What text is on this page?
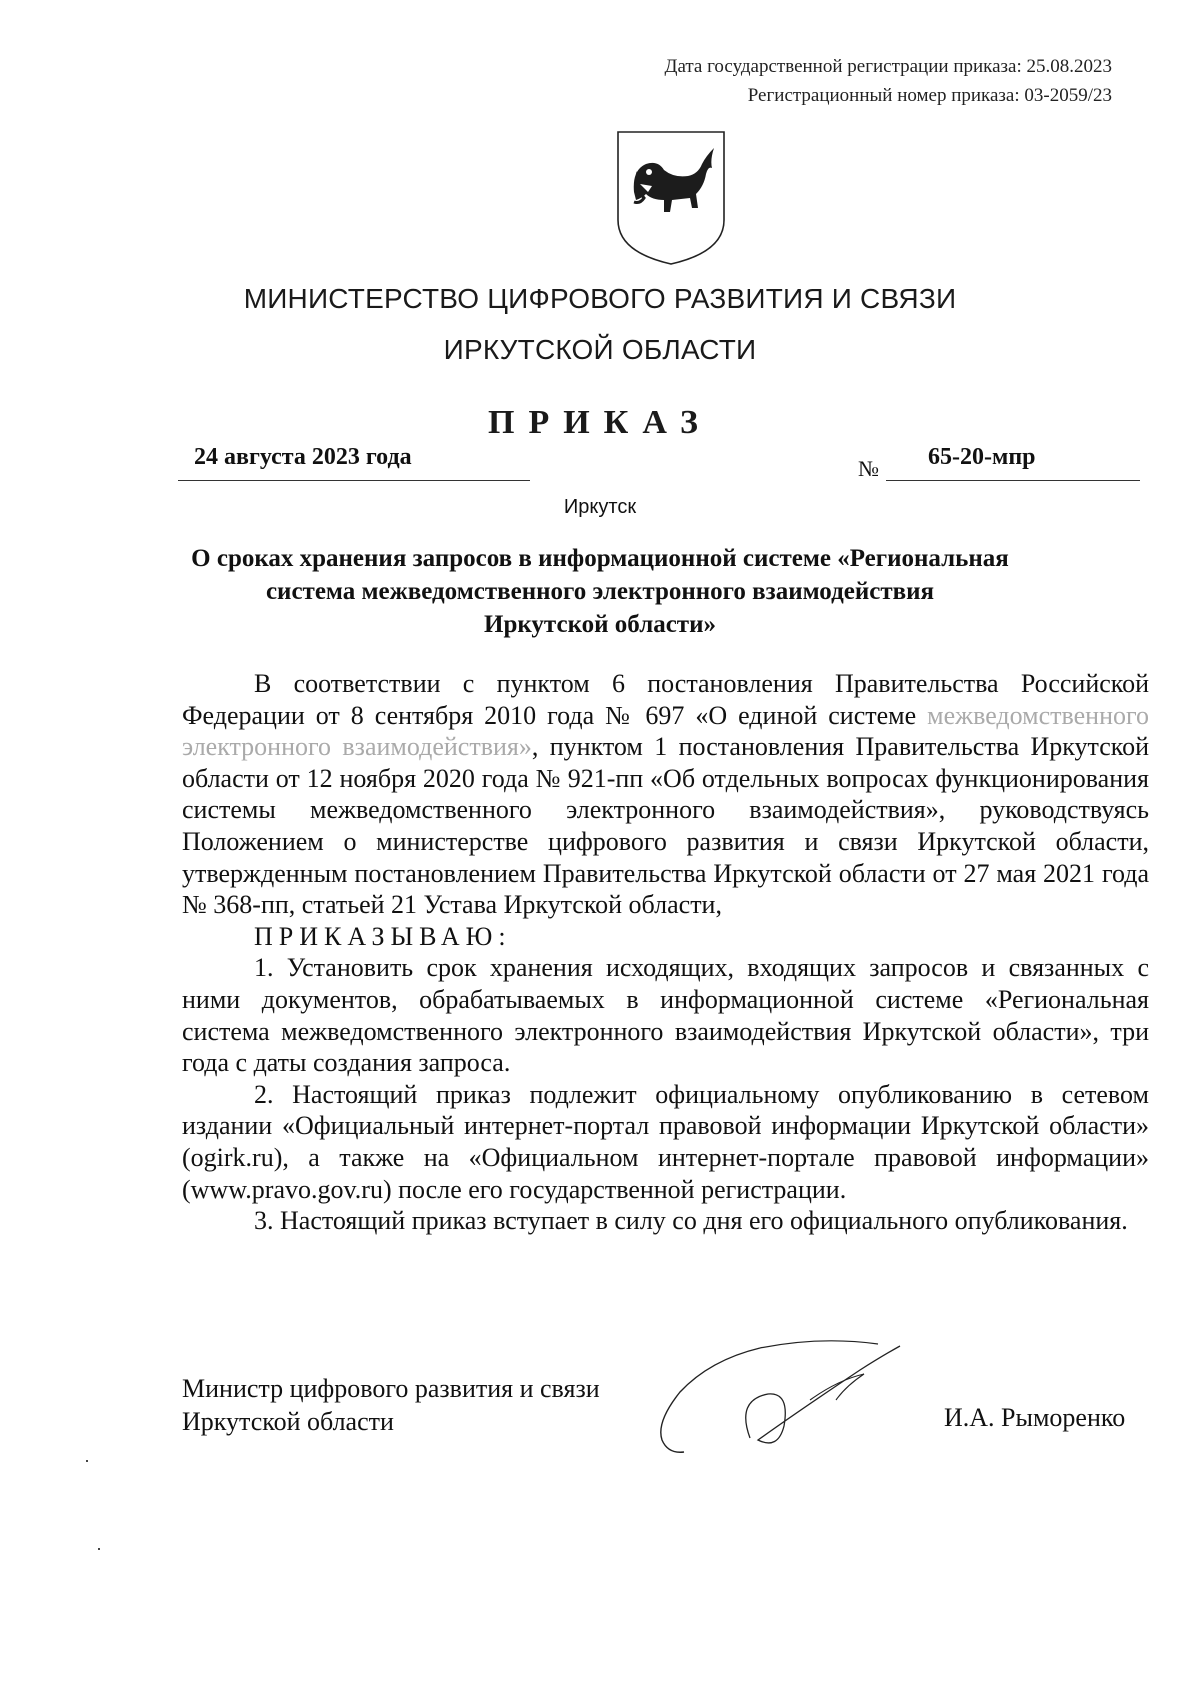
Дата государственной регистрации приказа: 25.08.2023
Регистрационный номер приказа: 03-2059/23
МИНИСТЕРСТВО ЦИФРОВОГО РАЗВИТИЯ И СВЯЗИ
ИРКУТСКОЙ ОБЛАСТИ
ПРИКАЗ
24 августа 2023 года	№	65-20-мпр
Иркутск
О сроках хранения запросов в информационной системе «Региональная
система межведомственного электронного взаимодействия
Иркутской области»

В соответствии с пунктом 6 постановления Правительства Российской Федерации от 8 сентября 2010 года № 697 «О единой системе межведомственного электронного взаимодействия», пунктом 1 постановления Правительства Иркутской области от 12 ноября 2020 года № 921-пп «Об отдельных вопросах функционирования системы межведомственного электронного взаимодействия», руководствуясь Положением о министерстве цифрового развития и связи Иркутской области, утвержденным постановлением Правительства Иркутской области от 27 мая 2021 года № 368-пп, статьей 21 Устава Иркутской области,

ПРИКАЗЫВАЮ:

1. Установить срок хранения исходящих, входящих запросов и связанных с ними документов, обрабатываемых в информационной системе «Региональная система межведомственного электронного взаимодействия Иркутской области», три года с даты создания запроса.

2. Настоящий приказ подлежит официальному опубликованию в сетевом издании «Официальный интернет-портал правовой информации Иркутской области» (ogirk.ru), а также на «Официальном интернет-портале правовой информации» (www.pravo.gov.ru) после его государственной регистрации.

3. Настоящий приказ вступает в силу со дня его официального опубликования.

Министр цифрового развития и связи
Иркутской области	И.А. Рыморенко
